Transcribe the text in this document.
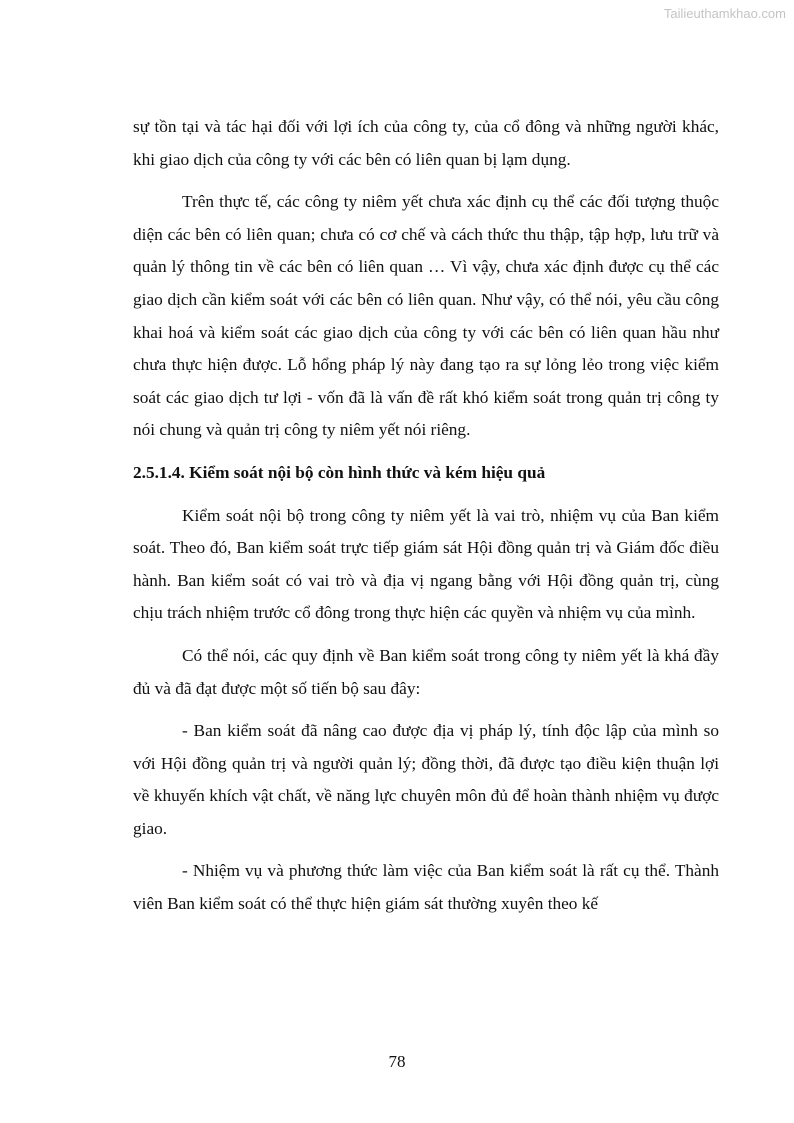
Tailieuthamkhao.com

sự tồn tại và tác hại đối với lợi ích của công ty, của cổ đông và những người khác, khi giao dịch của công ty với các bên có liên quan bị lạm dụng.

Trên thực tế, các công ty niêm yết chưa xác định cụ thể các đối tượng thuộc diện các bên có liên quan; chưa có cơ chế và cách thức thu thập, tập hợp, lưu trữ và quản lý thông tin về các bên có liên quan … Vì vậy, chưa xác định được cụ thể các giao dịch cần kiểm soát với các bên có liên quan. Như vậy, có thể nói, yêu cầu công khai hoá và kiểm soát các giao dịch của công ty với các bên có liên quan hầu như chưa thực hiện được. Lỗ hổng pháp lý này đang tạo ra sự lỏng lẻo trong việc kiểm soát các giao dịch tư lợi - vốn đã là vấn đề rất khó kiểm soát trong quản trị công ty nói chung và quản trị công ty niêm yết nói riêng.

2.5.1.4. Kiểm soát nội bộ còn hình thức và kém hiệu quả

Kiểm soát nội bộ trong công ty niêm yết là vai trò, nhiệm vụ của Ban kiểm soát. Theo đó, Ban kiểm soát trực tiếp giám sát Hội đồng quản trị và Giám đốc điều hành. Ban kiểm soát có vai trò và địa vị ngang bằng với Hội đồng quản trị, cùng chịu trách nhiệm trước cổ đông trong thực hiện các quyền và nhiệm vụ của mình.

Có thể nói, các quy định về Ban kiểm soát trong công ty niêm yết là khá đầy đủ và đã đạt được một số tiến bộ sau đây:

- Ban kiểm soát đã nâng cao được địa vị pháp lý, tính độc lập của mình so với Hội đồng quản trị và người quản lý; đồng thời, đã được tạo điều kiện thuận lợi về khuyến khích vật chất, về năng lực chuyên môn đủ để hoàn thành nhiệm vụ được giao.

- Nhiệm vụ và phương thức làm việc của Ban kiểm soát là rất cụ thể. Thành viên Ban kiểm soát có thể thực hiện giám sát thường xuyên theo kế

78
